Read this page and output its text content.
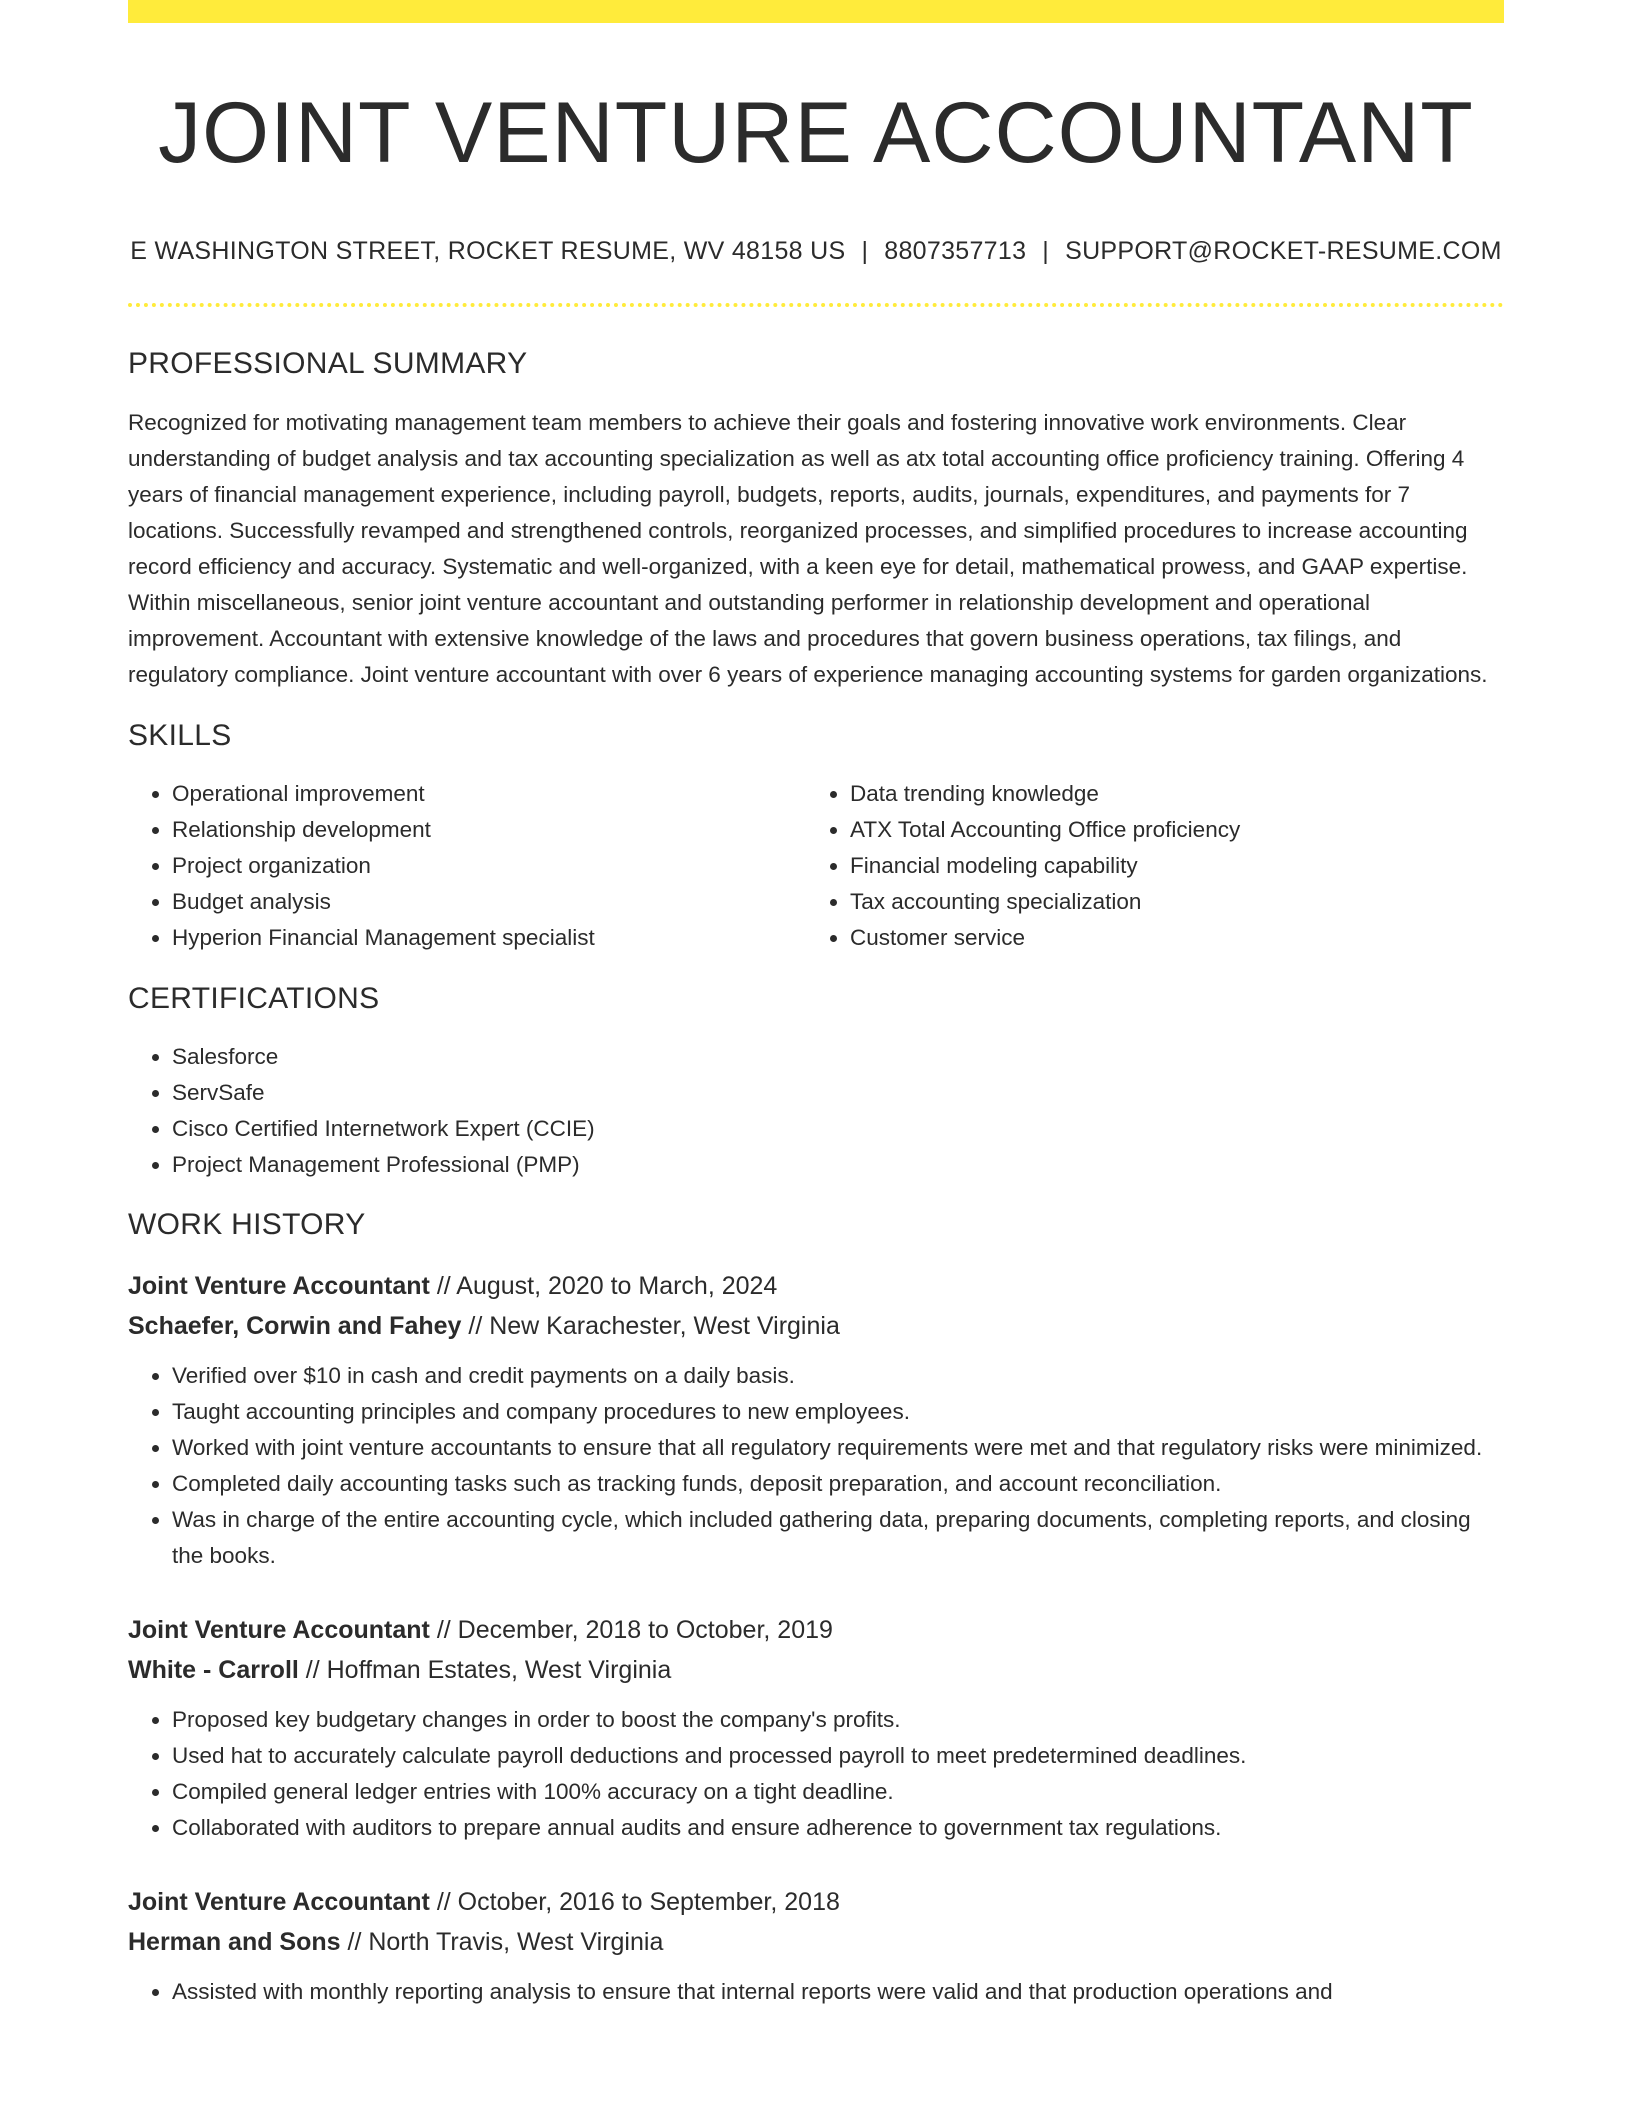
JOINT VENTURE ACCOUNTANT
E WASHINGTON STREET, ROCKET RESUME, WV 48158 US | 8807357713 | SUPPORT@ROCKET-RESUME.COM
PROFESSIONAL SUMMARY

Recognized for motivating management team members to achieve their goals and fostering innovative work environments. Clear understanding of budget analysis and tax accounting specialization as well as atx total accounting office proficiency training. Offering 4 years of financial management experience, including payroll, budgets, reports, audits, journals, expenditures, and payments for 7 locations. Successfully revamped and strengthened controls, reorganized processes, and simplified procedures to increase accounting record efficiency and accuracy. Systematic and well-organized, with a keen eye for detail, mathematical prowess, and GAAP expertise. Within miscellaneous, senior joint venture accountant and outstanding performer in relationship development and operational improvement. Accountant with extensive knowledge of the laws and procedures that govern business operations, tax filings, and regulatory compliance. Joint venture accountant with over 6 years of experience managing accounting systems for garden organizations.

SKILLS
• Operational improvement
• Relationship development
• Project organization
• Budget analysis
• Hyperion Financial Management specialist
• Data trending knowledge
• ATX Total Accounting Office proficiency
• Financial modeling capability
• Tax accounting specialization
• Customer service
CERTIFICATIONS
• Salesforce
• ServSafe
• Cisco Certified Internetwork Expert (CCIE)
• Project Management Professional (PMP)
WORK HISTORY
Joint Venture Accountant // August, 2020 to March, 2024
Schaefer, Corwin and Fahey // New Karachester, West Virginia
• Verified over $10 in cash and credit payments on a daily basis.
• Taught accounting principles and company procedures to new employees.
• Worked with joint venture accountants to ensure that all regulatory requirements were met and that regulatory risks were minimized.
• Completed daily accounting tasks such as tracking funds, deposit preparation, and account reconciliation.
• Was in charge of the entire accounting cycle, which included gathering data, preparing documents, completing reports, and closing the books.
Joint Venture Accountant // December, 2018 to October, 2019
White - Carroll // Hoffman Estates, West Virginia
• Proposed key budgetary changes in order to boost the company's profits.
• Used hat to accurately calculate payroll deductions and processed payroll to meet predetermined deadlines.
• Compiled general ledger entries with 100% accuracy on a tight deadline.
• Collaborated with auditors to prepare annual audits and ensure adherence to government tax regulations.
Joint Venture Accountant // October, 2016 to September, 2018
Herman and Sons // North Travis, West Virginia
• Assisted with monthly reporting analysis to ensure that internal reports were valid and that production operations and
